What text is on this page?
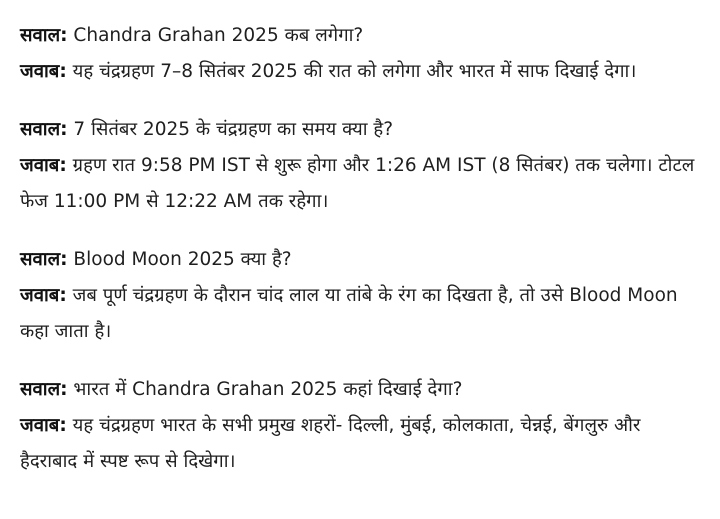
सवाल: Chandra Grahan 2025 कब लगेगा?

जवाब: यह चंद्रग्रहण 7–8 सितंबर 2025 की रात को लगेगा और भारत में साफ दिखाई देगा।

सवाल: 7 सितंबर 2025 के चंद्रग्रहण का समय क्या है?

जवाब: ग्रहण रात 9:58 PM IST से शुरू होगा और 1:26 AM IST (8 सितंबर) तक चलेगा। टोटल फेज 11:00 PM से 12:22 AM तक रहेगा।

सवाल: Blood Moon 2025 क्या है?

जवाब: जब पूर्ण चंद्रग्रहण के दौरान चांद लाल या तांबे के रंग का दिखता है, तो उसे Blood Moon कहा जाता है।

सवाल: भारत में Chandra Grahan 2025 कहां दिखाई देगा?

जवाब: यह चंद्रग्रहण भारत के सभी प्रमुख शहरों- दिल्ली, मुंबई, कोलकाता, चेन्नई, बेंगलुरु और हैदराबाद में स्पष्ट रूप से दिखेगा।
